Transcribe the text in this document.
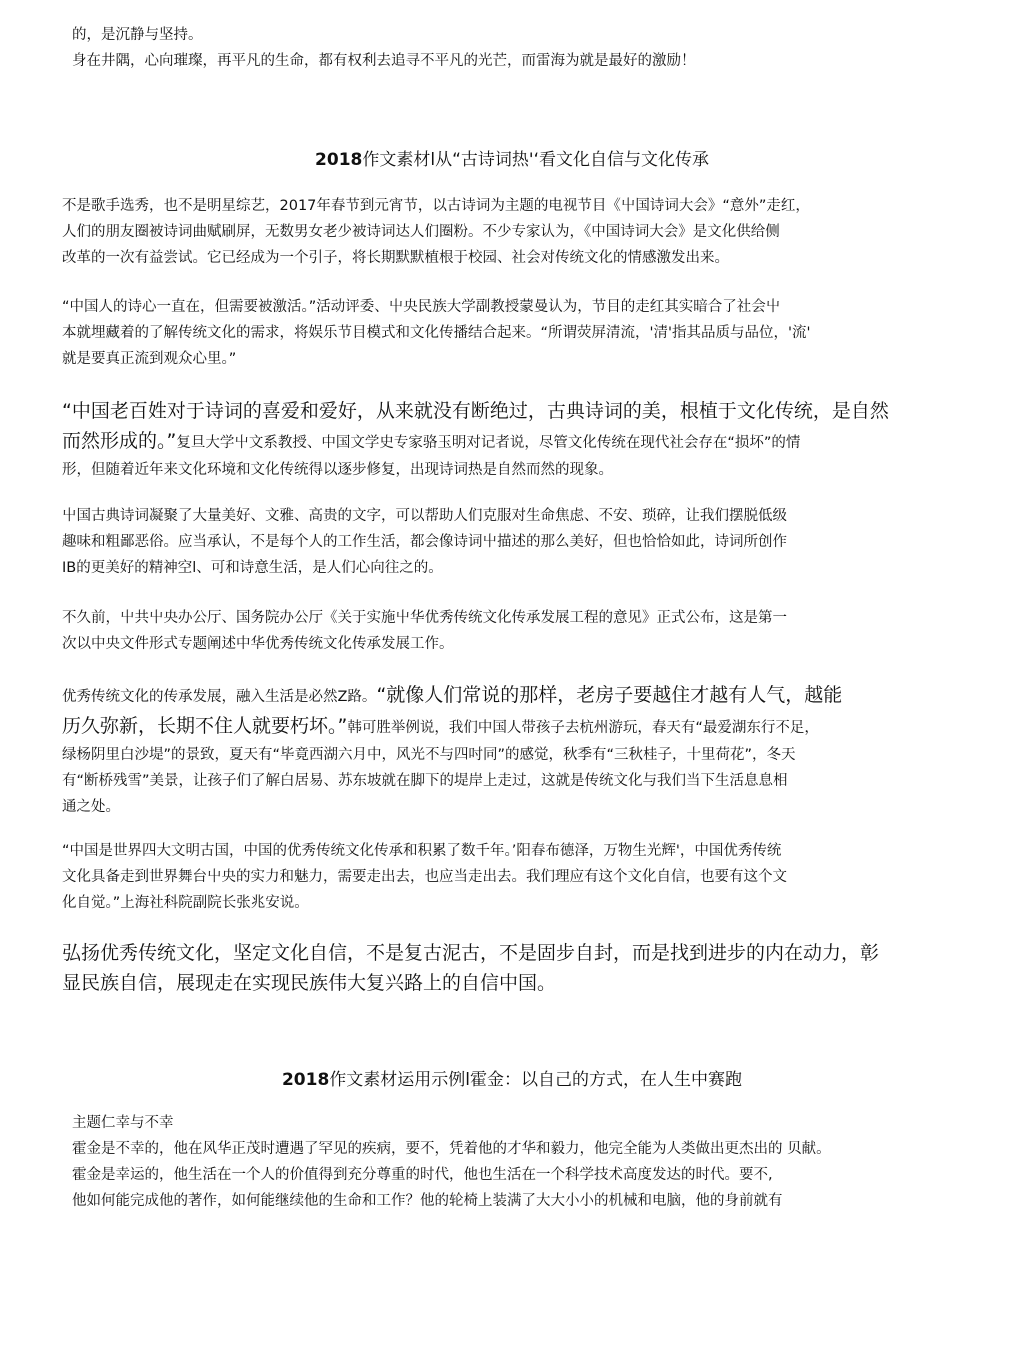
的，是沉静与坚持。
身在井隅，心向璀璨，再平凡的生命，都有权利去追寻不平凡的光芒，而雷海为就是最好的激励！
2018作文素材l从“古诗词热'‘看文化自信与文化传承
不是歌手选秀，也不是明星综艺，2017年春节到元宵节，以古诗词为主题的电视节目《屮国诗词大会》“意外”走红，
人们的朋友圈被诗词曲赋刷屏，无数男女老少被诗词达人们圈粉。不少专家认为，《中国诗词大会》是文化供给侧
改革的一次有益尝试。它已经成为一个引子，将长期默默植根于校园、社会对传统文化的情感激发出来。
“中国人的诗心一直在，但需要被激活。”活动评委、屮央民族大学副教授蒙曼认为，节目的走红其实暗合了社会屮
本就埋藏着的了解传统文化的需求，将娱乐节目模式和文化传播结合起来。“所谓荧屏清流，'清'指其品质与品位，'流'
就是要真正流到观众心里。”
“中国老百姓对于诗词的喜爱和爱好，从来就没有断绝过，古典诗词的美，根植于文化传统，是自然
而然形成的。”复旦大学屮文系教授、中国文学史专家骆玉明对记者说，尽管文化传统在现代社会存在“损坏”的情
形，但随着近年来文化环境和文化传统得以逐步修复，出现诗词热是自然而然的现象。
屮国古典诗词凝聚了大量美好、文雅、高贵的文字，可以帮助人们克服对生命焦虑、不安、琐碎，让我们摆脱低级
趣味和粗鄙恶俗。应当承认，不是每个人的工作生活，都会像诗词屮描述的那么美好，但也恰恰如此，诗词所创作
IB的更美好的精神空l、可和诗意生活，是人们心向往之的。
不久前，屮共屮央办公厅、国务院办公厅《关于实施屮华优秀传统文化传承发展工程的意见》正式公布，这是第一
次以中央文件形式专题阐述中华优秀传统文化传承发展工作。
优秀传统文化的传承发展，融入生活是必然Z路。“就像人们常说的那样，老房子要越住才越有人气，越能
历久弥新，长期不住人就要朽坏。”韩可胜举例说，我们中国人带孩子去杭州游玩，春天有“最爱湖东行不足，
绿杨阴里白沙堤”的景致，夏天有“毕竟西湖六月中，风光不与四吋同”的感觉，秋季有“三秋桂子，十里荷花”，冬天
有“断桥残雪”美景，让孩子们了解白居易、苏东坡就在脚下的堤岸上走过，这就是传统文化与我们当下生活息息相
通之处。
“中国是世界四大文明古国，中国的优秀传统文化传承和积累了数千年。’阳春布德泽，万物生光辉'，中国优秀传统
文化具备走到世界舞台屮央的实力和魅力，需要走出去，也应当走出去。我们理应有这个文化自信，也要有这个文
化自觉。”上海社科院副院长张兆安说。
弘扬优秀传统文化，坚定文化自信，不是复古泥古，不是固步自封，而是找到进步的内在动力，彰
显民族自信，展现走在实现民族伟大复兴路上的自信中国。
2018作文素材运用示例l霍金：以自己的方式，在人生中赛跑
主题仁幸与不幸
霍金是不幸的，他在风华正茂时遭遇了罕见的疾病，要不，凭着他的才华和毅力，他完全能为人类做出更杰出的 贝献。
霍金是幸运的，他生活在一个人的价值得到充分尊重的时代，他也生活在一个科学技术高度发达的时代。要不,
他如何能完成他的著作，如何能继续他的生命和工作？他的轮椅上装满了大大小小的机械和电脑，他的身前就有
